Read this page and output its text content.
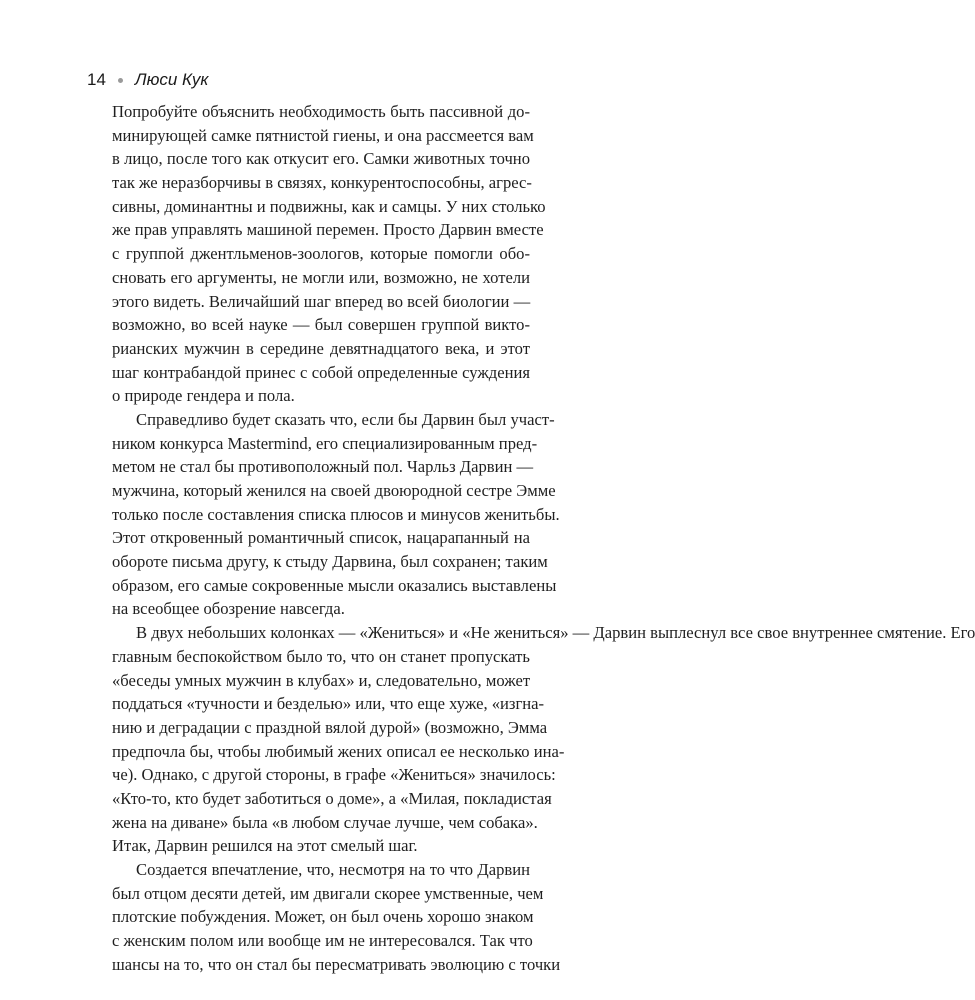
14 Люси Кук
Попробуйте объяснить необходимость быть пассивной до-
минирующей самке пятнистой гиены, и она рассмеется вам
в лицо, после того как откусит его. Самки животных точно
так же неразборчивы в связях, конкурентоспособны, агрес-
сивны, доминантны и подвижны, как и самцы. У них столько
же прав управлять машиной перемен. Просто Дарвин вместе
с группой джентльменов-зоологов, которые помогли обо-
сновать его аргументы, не могли или, возможно, не хотели
этого видеть. Величайший шаг вперед во всей биологии —
возможно, во всей науке — был совершен группой викто-
рианских мужчин в середине девятнадцатого века, и этот
шаг контрабандой принес с собой определенные суждения
о природе гендера и пола.
Справедливо будет сказать что, если бы Дарвин был участ-
ником конкурса Mastermind, его специализированным пред-
метом не стал бы противоположный пол. Чарльз Дарвин —
мужчина, который женился на своей двоюродной сестре Эмме
только после составления списка плюсов и минусов женитьбы.
Этот откровенный романтичный список, нацарапанный на
обороте письма другу, к стыду Дарвина, был сохранен; таким
образом, его самые сокровенные мысли оказались выставлены
на всеобщее обозрение навсегда.
В двух небольших колонках — «Жениться» и «Не жениться» — Дарвин выплеснул все свое внутреннее смятение. Его
главным беспокойством было то, что он станет пропускать
«беседы умных мужчин в клубах» и, следовательно, может
поддаться «тучности и безделью» или, что еще хуже, «изгна-
нию и деградации с праздной вялой дурой» (возможно, Эмма
предпочла бы, чтобы любимый жених описал ее несколько ина-
че). Однако, с другой стороны, в графе «Жениться» значилось:
«Кто-то, кто будет заботиться о доме», а «Милая, покладистая
жена на диване» была «в любом случае лучше, чем собака».
Итак, Дарвин решился на этот смелый шаг.
Создается впечатление, что, несмотря на то что Дарвин
был отцом десяти детей, им двигали скорее умственные, чем
плотские побуждения. Может, он был очень хорошо знаком
с женским полом или вообще им не интересовался. Так что
шансы на то, что он стал бы пересматривать эволюцию с точки
